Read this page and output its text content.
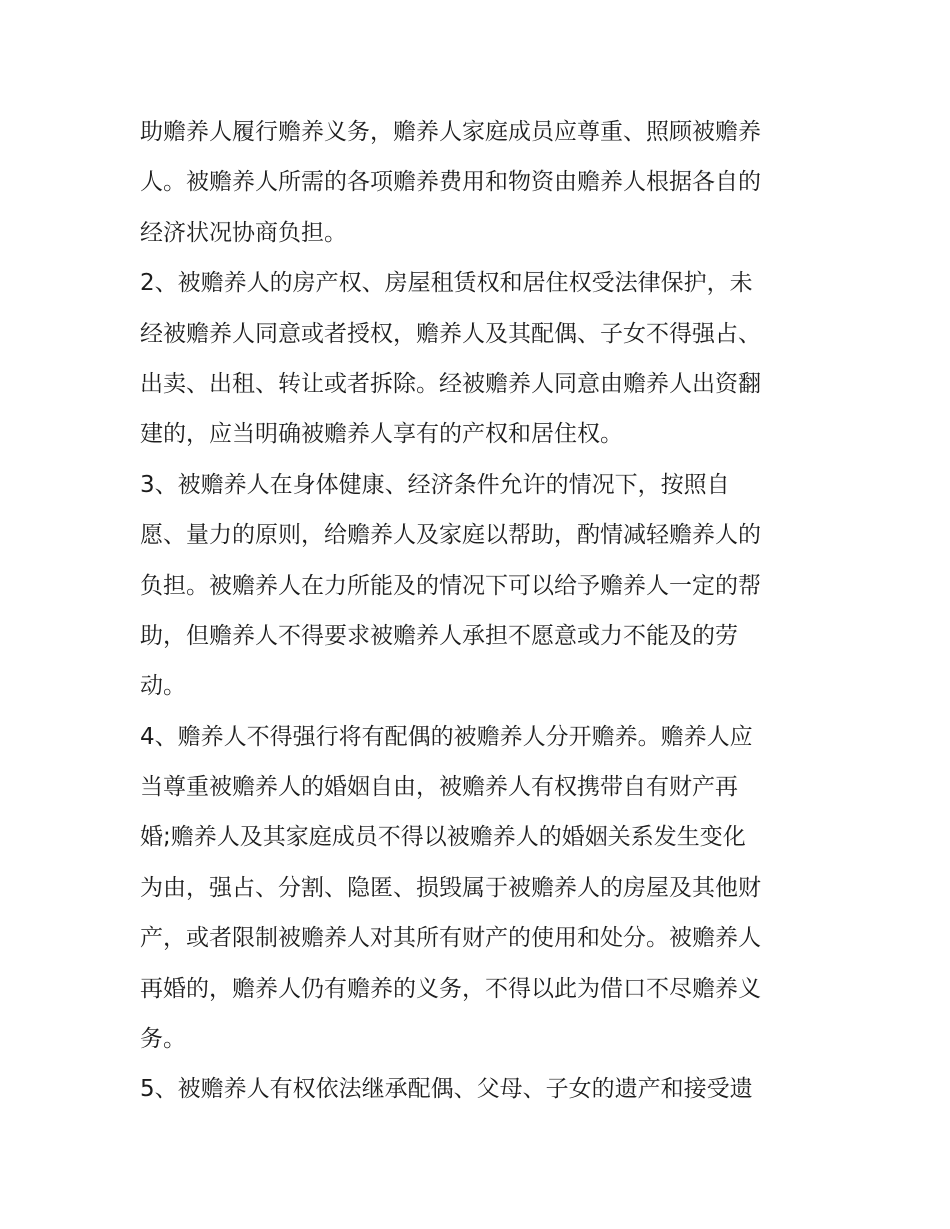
助赡养人履行赡养义务，赡养人家庭成员应尊重、照顾被赡养
人。被赡养人所需的各项赡养费用和物资由赡养人根据各自的
经济状况协商负担。
2、被赡养人的房产权、房屋租赁权和居住权受法律保护，未
经被赡养人同意或者授权，赡养人及其配偶、子女不得强占、
出卖、出租、转让或者拆除。经被赡养人同意由赡养人出资翻
建的，应当明确被赡养人享有的产权和居住权。
3、被赡养人在身体健康、经济条件允许的情况下，按照自
愿、量力的原则，给赡养人及家庭以帮助，酌情减轻赡养人的
负担。被赡养人在力所能及的情况下可以给予赡养人一定的帮
助，但赡养人不得要求被赡养人承担不愿意或力不能及的劳
动。
4、赡养人不得强行将有配偶的被赡养人分开赡养。赡养人应
当尊重被赡养人的婚姻自由，被赡养人有权携带自有财产再
婚;赡养人及其家庭成员不得以被赡养人的婚姻关系发生变化
为由，强占、分割、隐匿、损毁属于被赡养人的房屋及其他财
产，或者限制被赡养人对其所有财产的使用和处分。被赡养人
再婚的，赡养人仍有赡养的义务，不得以此为借口不尽赡养义
务。
5、被赡养人有权依法继承配偶、父母、子女的遗产和接受遗
